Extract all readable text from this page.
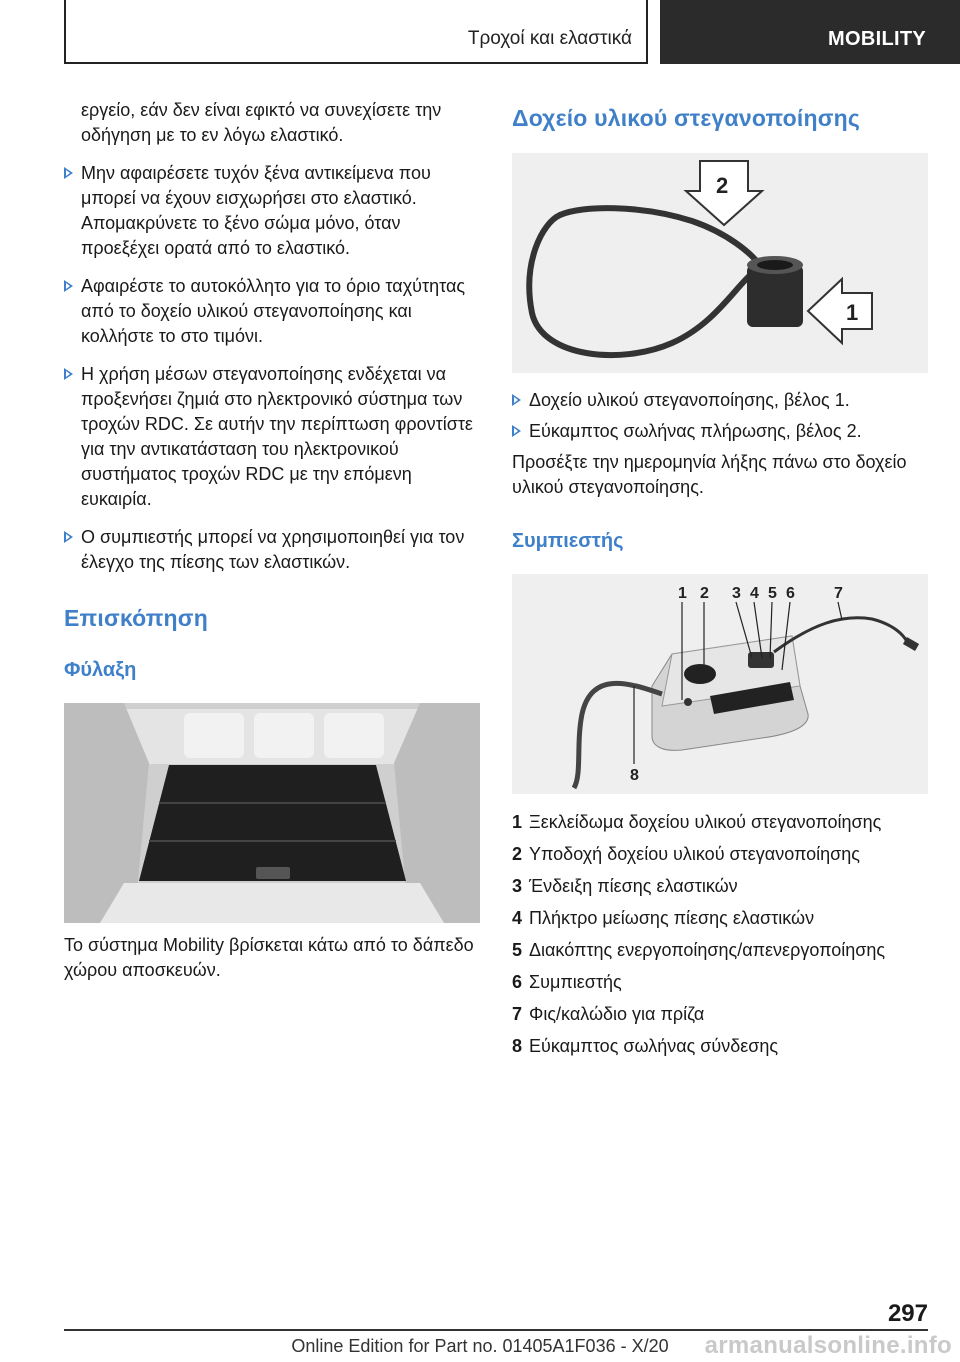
Τροχοί και ελαστικά	MOBILITY

εργείο, εάν δεν είναι εφικτό να συνεχίσετε την οδήγηση με το εν λόγω ελαστικό.

Μην αφαιρέσετε τυχόν ξένα αντικείμενα που μπορεί να έχουν εισχωρήσει στο ελαστικό. Απομακρύνετε το ξένο σώμα μόνο, όταν προεξέχει ορατά από το ελαστικό.
Αφαιρέστε το αυτοκόλλητο για το όριο ταχύτητας από το δοχείο υλικού στεγανοποίησης και κολλήστε το στο τιμόνι.
Η χρήση μέσων στεγανοποίησης ενδέχεται να προξενήσει ζημιά στο ηλεκτρονικό σύστημα των τροχών RDC. Σε αυτήν την περίπτωση φροντίστε για την αντικατάσταση του ηλεκτρονικού συστήματος τροχών RDC με την επόμενη ευκαιρία.
Ο συμπιεστής μπορεί να χρησιμοποιηθεί για τον έλεγχο της πίεσης των ελαστικών.
Επισκόπηση
Φύλαξη

Το σύστημα Mobility βρίσκεται κάτω από το δάπεδο χώρου αποσκευών.

Δοχείο υλικού στεγανοποίησης
2
1
Δοχείο υλικού στεγανοποίησης, βέλος 1.
Εύκαμπτος σωλήνας πλήρωσης, βέλος 2.

Προσέξτε την ημερομηνία λήξης πάνω στο δοχείο υλικού στεγανοποίησης.

Συμπιεστής
1 2 3 4 5 6 7
8
1 Ξεκλείδωμα δοχείου υλικού στεγανοποίησης
2 Υποδοχή δοχείου υλικού στεγανοποίησης
3 Ένδειξη πίεσης ελαστικών
4 Πλήκτρο μείωσης πίεσης ελαστικών
5 Διακόπτης ενεργοποίησης/απενεργοποίησης
6 Συμπιεστής
7 Φις/καλώδιο για πρίζα
8 Εύκαμπτος σωλήνας σύνδεσης
297
Online Edition for Part no. 01405A1F036 - X/20	armanualsonline.info
